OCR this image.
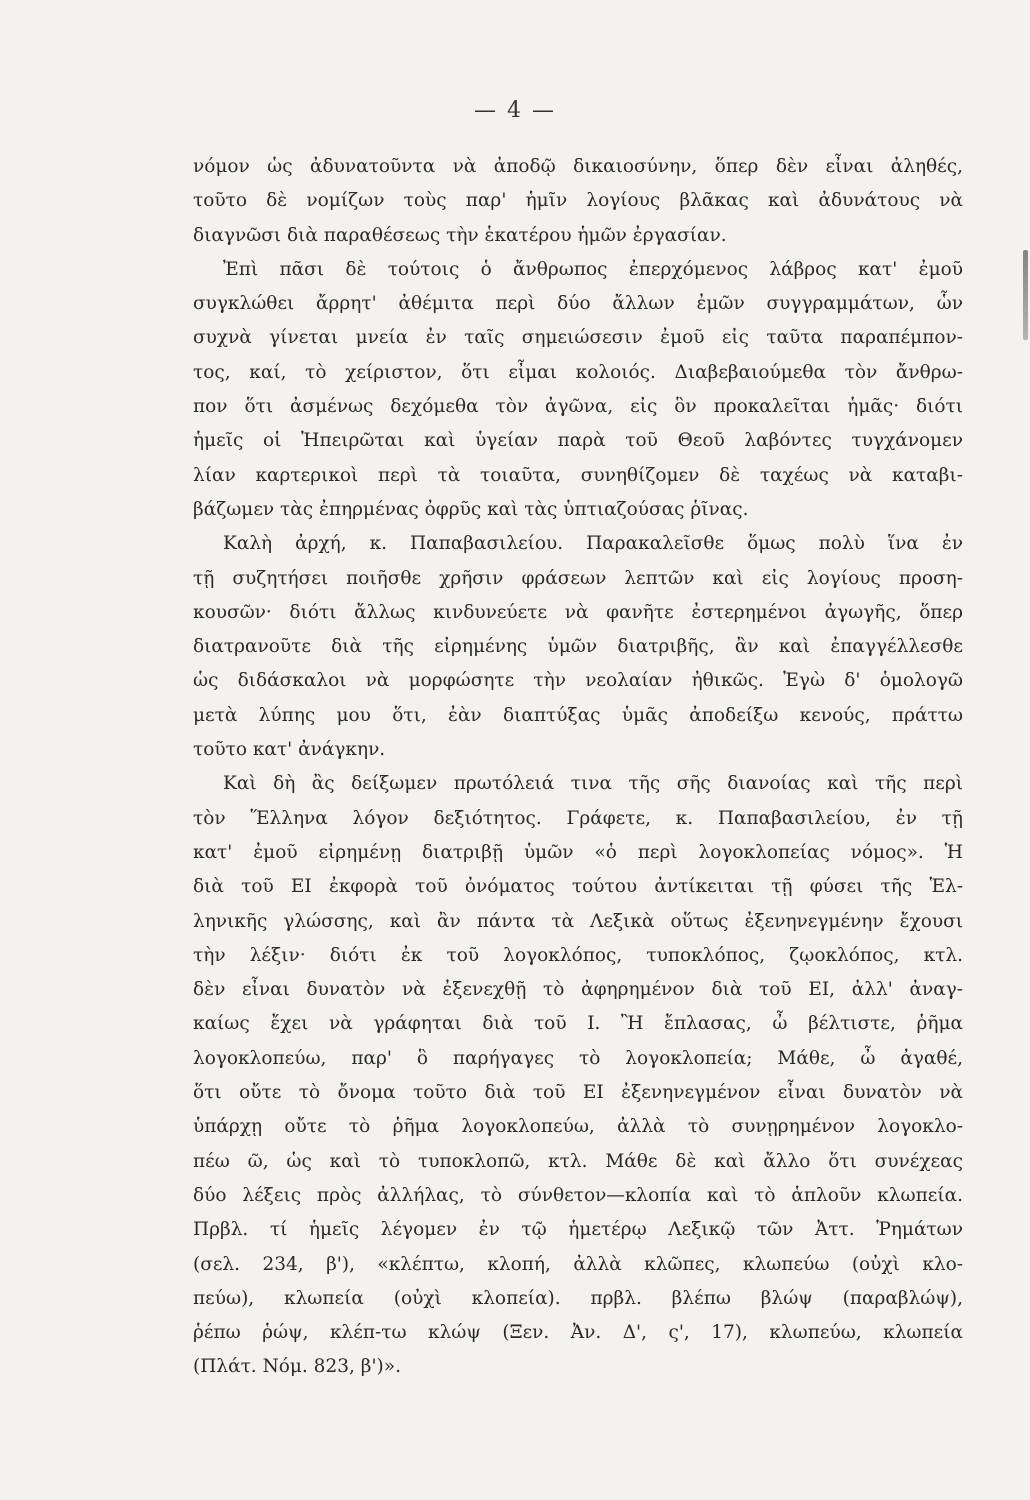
— 4 —
νόμον ὡς ἀδυνατοῦντα νὰ ἀποδῷ δικαιοσύνην, ὅπερ δὲν εἶναι ἀληθές,
τοῦτο δὲ νομίζων τοὺς παρ' ἡμῖν λογίους βλᾶκας καὶ ἀδυνάτους νὰ
διαγνῶσι διὰ παραθέσεως τὴν ἑκατέρου ἡμῶν ἐργασίαν.
Ἐπὶ πᾶσι δὲ τούτοις ὁ ἄνθρωπος ἐπερχόμενος λάβρος κατ' ἐμοῦ
συγκλώθει ἄρρητ' ἀθέμιτα περὶ δύο ἄλλων ἐμῶν συγγραμμάτων, ὧν
συχνὰ γίνεται μνεία ἐν ταῖς σημειώσεσιν ἐμοῦ εἰς ταῦτα παραπέμπον-
τος, καί, τὸ χείριστον, ὅτι εἶμαι κολοιός. Διαβεβαιούμεθα τὸν ἄνθρω-
πον ὅτι ἀσμένως δεχόμεθα τὸν ἀγῶνα, εἰς ὃν προκαλεῖται ἡμᾶς· διότι
ἡμεῖς οἱ Ἠπειρῶται καὶ ὑγείαν παρὰ τοῦ Θεοῦ λαβόντες τυγχάνομεν
λίαν καρτερικοὶ περὶ τὰ τοιαῦτα, συνηθίζομεν δὲ ταχέως νὰ καταβι-
βάζωμεν τὰς ἐπηρμένας ὀφρῦς καὶ τὰς ὑπτιαζούσας ῥῖνας.
Καλὴ ἀρχή, κ. Παπαβασιλείου. Παρακαλεῖσθε ὅμως πολὺ ἵνα ἐν
τῇ συζητήσει ποιῆσθε χρῆσιν φράσεων λεπτῶν καὶ εἰς λογίους προση-
κουσῶν· διότι ἄλλως κινδυνεύετε νὰ φανῆτε ἐστερημένοι ἀγωγῆς, ὅπερ
διατρανοῦτε διὰ τῆς εἰρημένης ὑμῶν διατριβῆς, ἂν καὶ ἐπαγγέλλεσθε
ὡς διδάσκαλοι νὰ μορφώσητε τὴν νεολαίαν ἠθικῶς. Ἐγὼ δ' ὁμολογῶ
μετὰ λύπης μου ὅτι, ἐὰν διαπτύξας ὑμᾶς ἀποδείξω κενούς, πράττω
τοῦτο κατ' ἀνάγκην.
Καὶ δὴ ἂς δείξωμεν πρωτόλειά τινα τῆς σῆς διανοίας καὶ τῆς περὶ
τὸν Ἕλληνα λόγον δεξιότητος. Γράφετε, κ. Παπαβασιλείου, ἐν τῇ
κατ' ἐμοῦ εἰρημένῃ διατριβῇ ὑμῶν «ὁ περὶ λογοκλοπείας νόμος». Ἡ
διὰ τοῦ ΕΙ ἐκφορὰ τοῦ ὀνόματος τούτου ἀντίκειται τῇ φύσει τῆς Ἑλ-
ληνικῆς γλώσσης, καὶ ἂν πάντα τὰ Λεξικὰ οὕτως ἐξενηνεγμένην ἔχουσι
τὴν λέξιν· διότι ἐκ τοῦ λογοκλόπος, τυποκλόπος, ζῳοκλόπος, κτλ.
δὲν εἶναι δυνατὸν νὰ ἐξενεχθῇ τὸ ἀφηρημένον διὰ τοῦ ΕΙ, ἀλλ' ἀναγ-
καίως ἔχει νὰ γράφηται διὰ τοῦ Ι. Ἢ ἔπλασας, ὦ βέλτιστε, ῥῆμα
λογοκλοπεύω, παρ' ὃ παρήγαγες τὸ λογοκλοπεία; Μάθε, ὦ ἀγαθέ,
ὅτι οὔτε τὸ ὄνομα τοῦτο διὰ τοῦ ΕΙ ἐξενηνεγμένον εἶναι δυνατὸν νὰ
ὑπάρχῃ οὔτε τὸ ῥῆμα λογοκλοπεύω, ἀλλὰ τὸ συνῃρημένον λογοκλο-
πέω ῶ, ὡς καὶ τὸ τυποκλοπῶ, κτλ. Μάθε δὲ καὶ ἄλλο ὅτι συνέχεας
δύο λέξεις πρὸς ἀλλήλας, τὸ σύνθετον—κλοπία καὶ τὸ ἁπλοῦν κλωπεία.
Πρβλ. τί ἡμεῖς λέγομεν ἐν τῷ ἡμετέρῳ Λεξικῷ τῶν Ἀττ. Ῥημάτων
(σελ. 234, β'), «κλέπτω, κλοπή, ἀλλὰ κλῶπες, κλωπεύω (οὐχὶ κλο-
πεύω), κλωπεία (οὐχὶ κλοπεία). πρβλ. βλέπω βλώψ (παραβλώψ),
ῥέπω ῥώψ, κλέπ-τω κλώψ (Ξεν. Ἀν. Δ', ς', 17), κλωπεύω, κλωπεία
(Πλάτ. Νόμ. 823, β')».
